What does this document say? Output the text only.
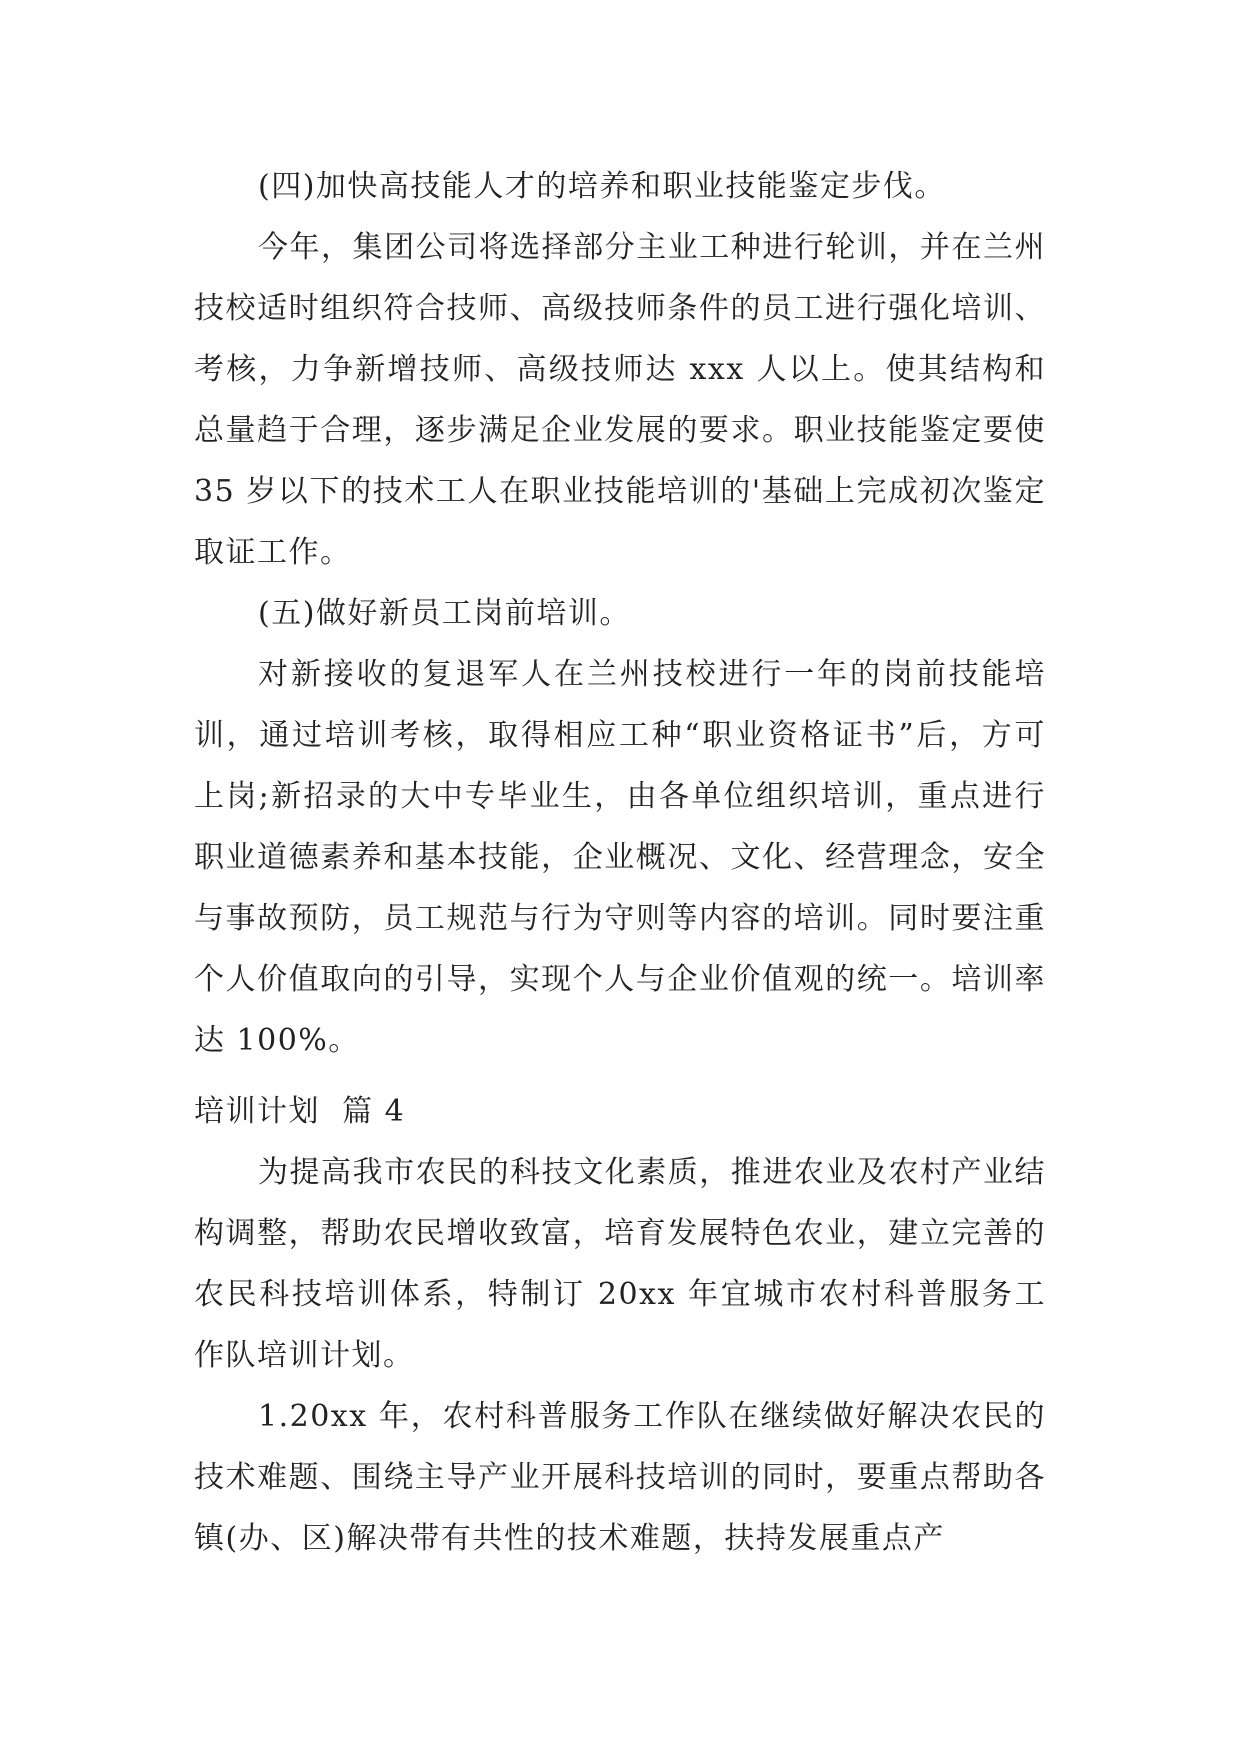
(四)加快高技能人才的培养和职业技能鉴定步伐。

今年，集团公司将选择部分主业工种进行轮训，并在兰州技校适时组织符合技师、高级技师条件的员工进行强化培训、考核，力争新增技师、高级技师达 xxx 人以上。使其结构和总量趋于合理，逐步满足企业发展的要求。职业技能鉴定要使 35 岁以下的技术工人在职业技能培训的'基础上完成初次鉴定取证工作。

(五)做好新员工岗前培训。

对新接收的复退军人在兰州技校进行一年的岗前技能培训，通过培训考核，取得相应工种“职业资格证书”后，方可上岗;新招录的大中专毕业生，由各单位组织培训，重点进行职业道德素养和基本技能，企业概况、文化、经营理念，安全与事故预防，员工规范与行为守则等内容的培训。同时要注重个人价值取向的引导，实现个人与企业价值观的统一。培训率达 100%。

培训计划  篇 4

为提高我市农民的科技文化素质，推进农业及农村产业结构调整，帮助农民增收致富，培育发展特色农业，建立完善的农民科技培训体系，特制订 20xx 年宜城市农村科普服务工作队培训计划。

1.20xx 年，农村科普服务工作队在继续做好解决农民的技术难题、围绕主导产业开展科技培训的同时，要重点帮助各镇(办、区)解决带有共性的技术难题，扶持发展重点产
